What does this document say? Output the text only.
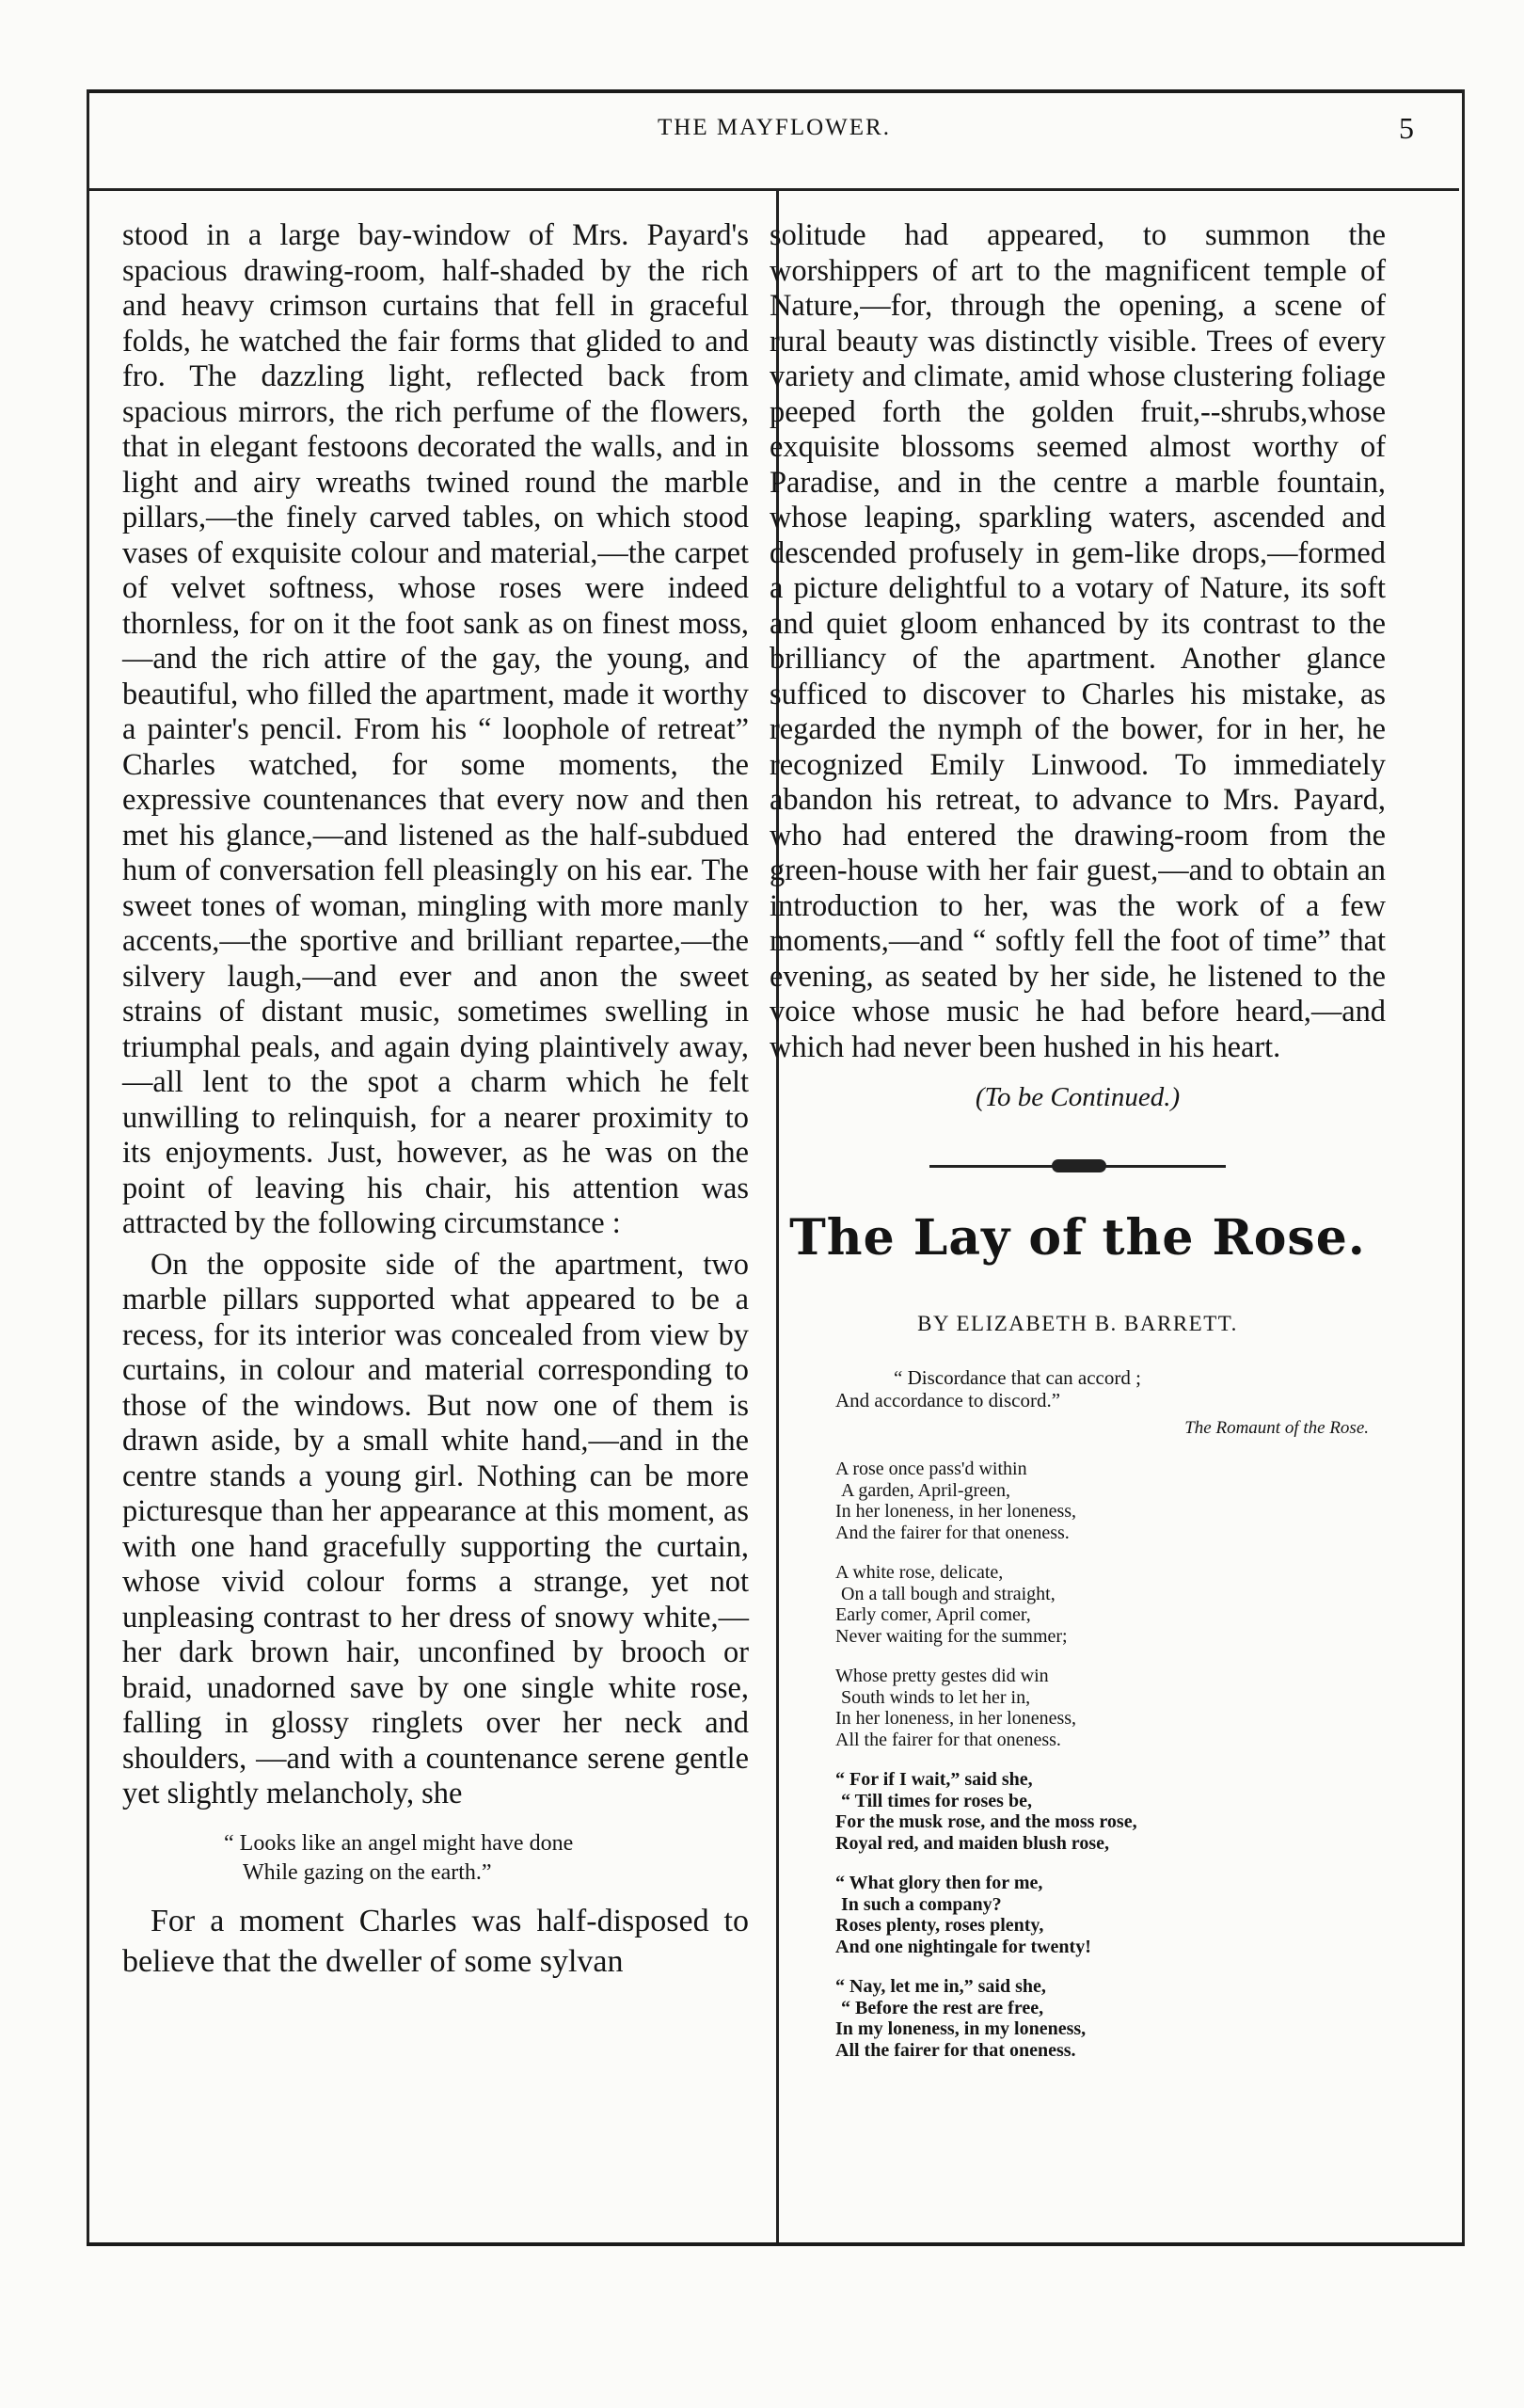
THE MAYFLOWER.	5

stood in a large bay-window of Mrs. Payard's spacious drawing-room, half-shaded by the rich and heavy crimson curtains that fell in graceful folds, he watched the fair forms that glided to and fro. The dazzling light, reflected back from spacious mirrors, the rich perfume of the flowers, that in elegant festoons decorated the walls, and in light and airy wreaths twined round the marble pillars,—the finely carved tables, on which stood vases of exquisite colour and material,—the carpet of velvet softness, whose roses were indeed thornless, for on it the foot sank as on finest moss,—and the rich attire of the gay, the young, and beautiful, who filled the apartment, made it worthy a painter's pencil. From his “ loophole of retreat” Charles watched, for some moments, the expressive countenances that every now and then met his glance,—and listened as the half-subdued hum of conversation fell pleasingly on his ear. The sweet tones of woman, mingling with more manly accents,—the sportive and brilliant repartee,—the silvery laugh,—and ever and anon the sweet strains of distant music, sometimes swelling in triumphal peals, and again dying plaintively away,—all lent to the spot a charm which he felt unwilling to relinquish, for a nearer proximity to its enjoyments. Just, however, as he was on the point of leaving his chair, his attention was attracted by the following circumstance :

On the opposite side of the apartment, two marble pillars supported what appeared to be a recess, for its interior was concealed from view by curtains, in colour and material corresponding to those of the windows. But now one of them is drawn aside, by a small white hand,—and in the centre stands a young girl. Nothing can be more picturesque than her appearance at this moment, as with one hand gracefully supporting the curtain, whose vivid colour forms a strange, yet not unpleasing contrast to her dress of snowy white,—her dark brown hair, unconfined by brooch or braid, unadorned save by one single white rose, falling in glossy ringlets over her neck and shoulders, —and with a countenance serene gentle yet slightly melancholy, she

“ Looks like an angel might have done
While gazing on the earth.”

For a moment Charles was half-disposed to believe that the dweller of some sylvan

solitude had appeared, to summon the worshippers of art to the magnificent temple of Nature,—for, through the opening, a scene of rural beauty was distinctly visible. Trees of every variety and climate, amid whose clustering foliage peeped forth the golden fruit,--shrubs,whose exquisite blossoms seemed almost worthy of Paradise, and in the centre a marble fountain, whose leaping, sparkling waters, ascended and descended profusely in gem-like drops,—formed a picture delightful to a votary of Nature, its soft and quiet gloom enhanced by its contrast to the brilliancy of the apartment. Another glance sufficed to discover to Charles his mistake, as regarded the nymph of the bower, for in her, he recognized Emily Linwood. To immediately abandon his retreat, to advance to Mrs. Payard, who had entered the drawing-room from the green-house with her fair guest,—and to obtain an introduction to her, was the work of a few moments,—and “ softly fell the foot of time” that evening, as seated by her side, he listened to the voice whose music he had before heard,—and which had never been hushed in his heart.

(To be Continued.)

The Lay of the Rose.
BY ELIZABETH B. BARRETT.
“ Discordance that can accord ;
And accordance to discord.”
The Romaunt of the Rose.
A rose once pass'd within
A garden, April-green,
In her loneness, in her loneness,
And the fairer for that oneness.
A white rose, delicate,
On a tall bough and straight,
Early comer, April comer,
Never waiting for the summer;
Whose pretty gestes did win
South winds to let her in,
In her loneness, in her loneness,
All the fairer for that oneness.
“ For if I wait,” said she,
“ Till times for roses be,
For the musk rose, and the moss rose,
Royal red, and maiden blush rose,
“ What glory then for me,
In such a company?
Roses plenty, roses plenty,
And one nightingale for twenty!
“ Nay, let me in,” said she,
“ Before the rest are free,
In my loneness, in my loneness,
All the fairer for that oneness.
